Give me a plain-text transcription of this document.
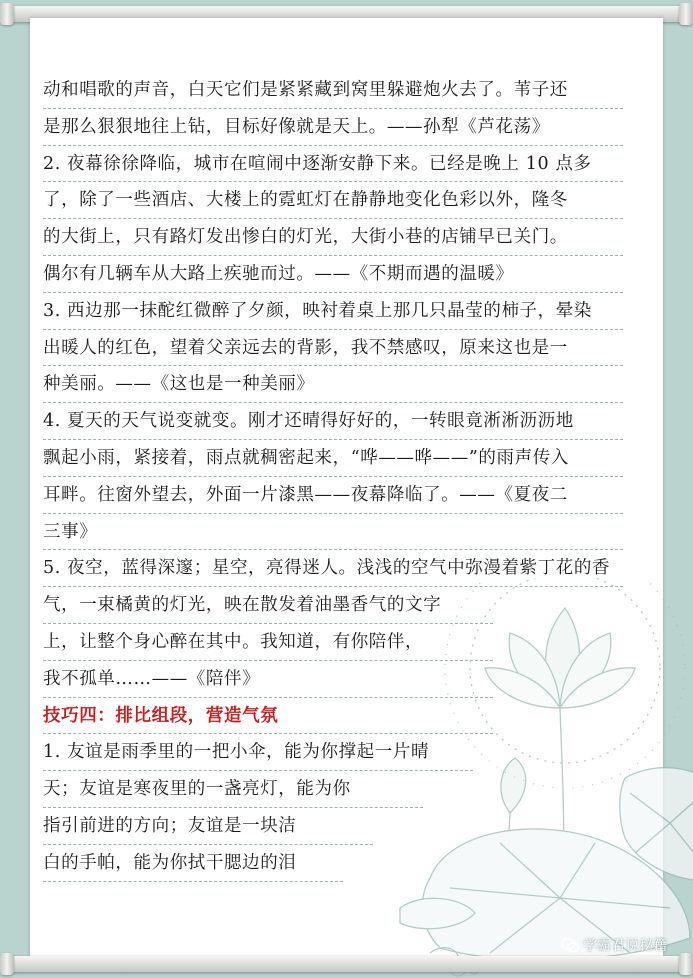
动和唱歌的声音，白天它们是紧紧藏到窝里躲避炮火去了。苇子还
是那么狠狠地往上钻，目标好像就是天上。——孙犁《芦花荡》
2. 夜幕徐徐降临，城市在喧闹中逐渐安静下来。已经是晚上 10 点多
了，除了一些酒店、大楼上的霓虹灯在静静地变化色彩以外，隆冬
的大街上，只有路灯发出惨白的灯光，大街小巷的店铺早已关门。
偶尔有几辆车从大路上疾驰而过。——《不期而遇的温暖》
3. 西边那一抹酡红微醉了夕颜，映衬着桌上那几只晶莹的柿子，晕染
出暖人的红色，望着父亲远去的背影，我不禁感叹，原来这也是一
种美丽。——《这也是一种美丽》
4. 夏天的天气说变就变。刚才还晴得好好的，一转眼竟淅淅沥沥地
飘起小雨，紧接着，雨点就稠密起来，“哗——哗——”的雨声传入
耳畔。往窗外望去，外面一片漆黑——夜幕降临了。——《夏夜二
三事》
5. 夜空，蓝得深邃；星空，亮得迷人。浅浅的空气中弥漫着紫丁花的香
气，一束橘黄的灯光，映在散发着油墨香气的文字
上，让整个身心醉在其中。我知道，有你陪伴，
我不孤单……——《陪伴》
技巧四：排比组段，营造气氛
1. 友谊是雨季里的一把小伞，能为你撑起一片晴
天；友谊是寒夜里的一盏亮灯，能为你
指引前进的方向；友谊是一块洁
白的手帕，能为你拭干腮边的泪
学霸君说秘籍
